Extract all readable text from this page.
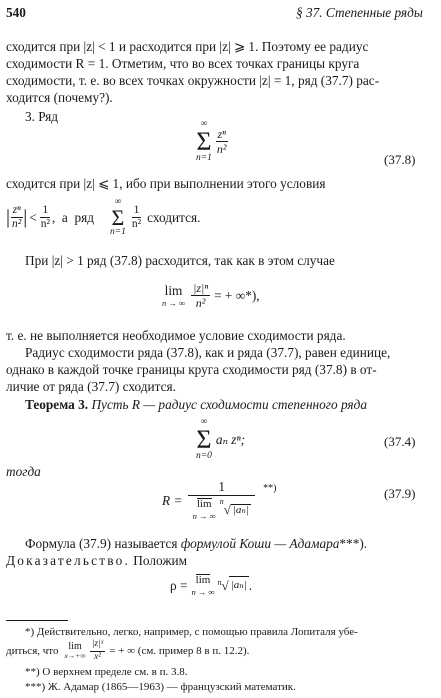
540	§ 37. Степенные ряды
сходится при |z| < 1 и расходится при |z| ⩾ 1. Поэтому ее радиус
сходимости R = 1. Отметим, что во всех точках границы круга
сходимости, т. е. во всех точках окружности |z| = 1, ряд (37.7) рас-
ходится (почему?).
3. Ряд	∞
Σ
n=1
$\frac{\text{zⁿ}}{\text{n²}}$
(37.8)
сходится при |z| ⩽ 1, ибо при выполнении этого условия
| $\frac{\text{zⁿ}}{\text{n²}}$ | < $\frac{1}{\text{n²}}$ ,  а  ряд
∞
Σ
n=1
$\frac{1}{\text{n²}}$ сходится.
При |z| > 1 ряд (37.8) расходится, так как в этом случае
lim
n → ∞ $\frac{\text{|z|ⁿ}}{\text{n²}}$ = + ∞*),
т. е. не выполняется необходимое условие сходимости ряда.
Радиус сходимости ряда (37.8), как и ряда (37.7), равен единице,
однако в каждой точке границы круга сходимости ряд (37.8) в от-
личие от ряда (37.7) сходится.
Теорема 3. Пусть R — радиус сходимости степенного ряда
∞
Σ
n=0
aₙ zⁿ;	(37.4)
тогда
R =
1
lim
n → ∞
n
√ |aₙ|
**)	(37.9)
Формула (37.9) называется формулой Коши — Адамара***).
Доказательство. Положим
ρ = lim
n → ∞
n √ |aₙ| .
*) Действительно, легко, например, с помощью правила Лопиталя убе-
диться, что lim
$x\to+\infty \frac{\text{|z|ˣ}}{\text{x²}}$ = + ∞ (см. пример 8 в п. 12.2).
**) О верхнем пределе см. в п. 3.8.
***) Ж. Адамар (1865—1963) — французский математик.
